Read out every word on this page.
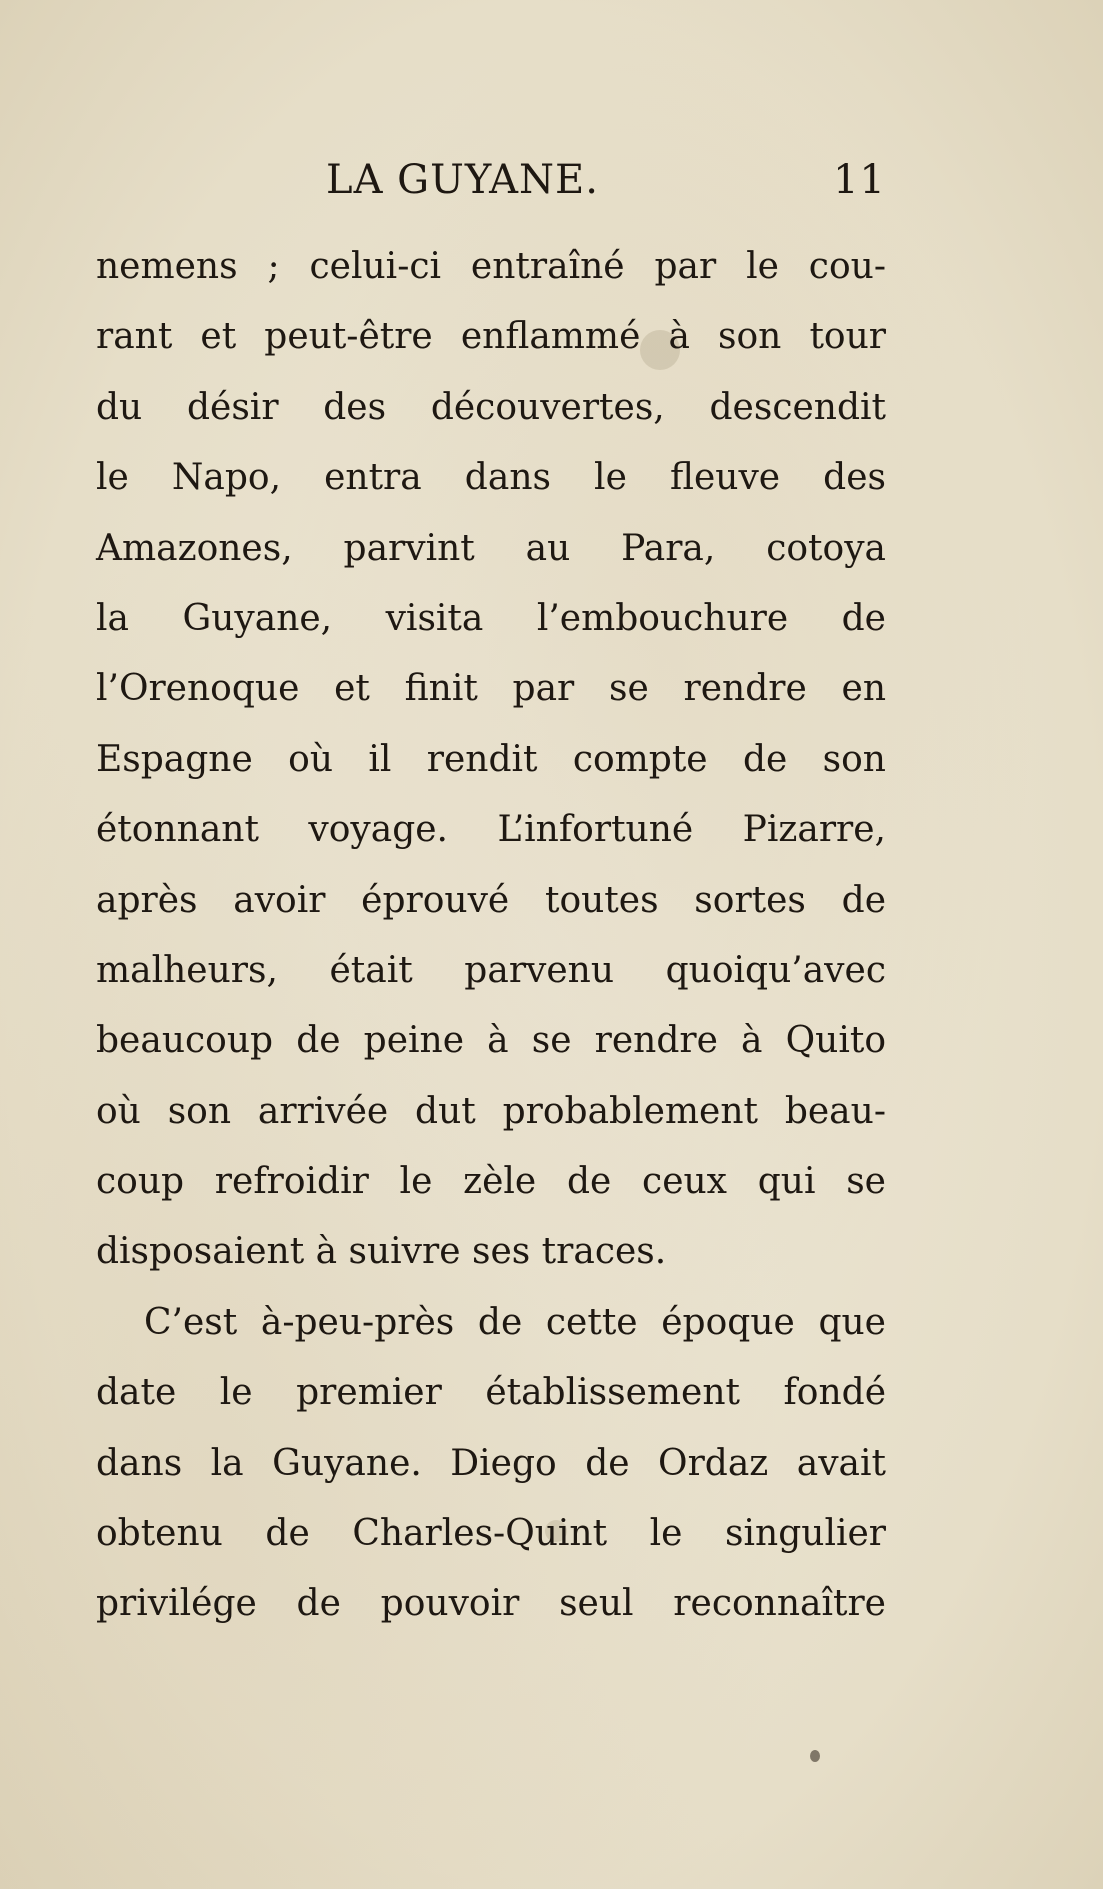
LA GUYANE.	11
nemens ; celui-ci entraîné par le cou-
rant et peut-être enflammé à son tour
du désir des découvertes, descendit
le Napo, entra dans le fleuve des
Amazones, parvint au Para, cotoya
la Guyane, visita l’embouchure de
l’Orenoque et finit par se rendre en
Espagne où il rendit compte de son
étonnant voyage. L’infortuné Pizarre,
après avoir éprouvé toutes sortes de
malheurs, était parvenu quoiqu’avec
beaucoup de peine à se rendre à Quito
où son arrivée dut probablement beau-
coup refroidir le zèle de ceux qui se
disposaient à suivre ses traces.
C’est à-peu-près de cette époque que
date le premier établissement fondé
dans la Guyane. Diego de Ordaz avait
obtenu de Charles-Quint le singulier
privilége de pouvoir seul reconnaître
